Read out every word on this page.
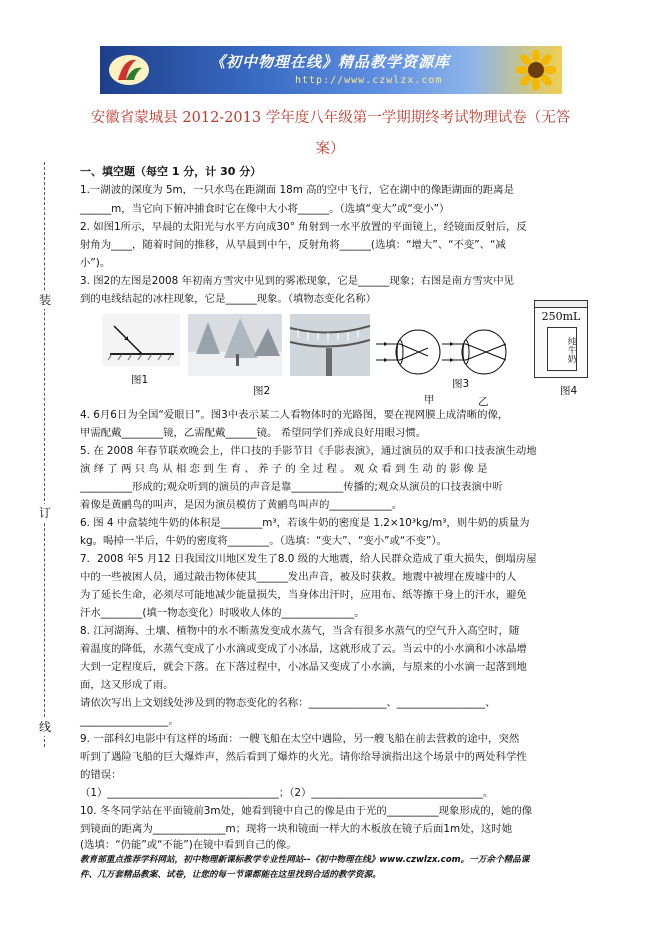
《初中物理在线》精品教学资源库
http://www.czwlzx.com
安徽省蒙城县 2012-2013 学年度八年级第一学期期终考试物理试卷（无答
案）
装
订
线
一、填空题（每空 1 分，计 30 分）
1.一湖波的深度为 5m，一只水鸟在距湖面 18m 高的空中飞行，它在湖中的像距湖面的距离是
______m，当它向下俯冲捕食时它在像中大小将______。（选填“变大”或“变小”）
2. 如图1所示，早晨的太阳光与水平方向成30° 角射到一水平放置的平面镜上，经镜面反射后，反
射角为____，随着时间的推移，从早晨到中午，反射角将______(选填：“增大”、“不变”、“减
小”)。
3. 图2的左图是2008 年初南方雪灾中见到的雾凇现象，它是______现象；右图是南方雪灾中见
到的电线结起的冰柱现象，它是______现象。（填物态变化名称）
图1
图2
图3
甲	乙
250mL
纯牛奶
图4
4. 6月6日为全国“爱眼日”。图3中表示某二人看物体时的光路图，要在视网膜上成清晰的像，
甲需配戴________镜，乙需配戴______镜。 希望同学们养成良好用眼习惯。
5. 在 2008 年春节联欢晚会上，伴口技的手影节目《手影表演》，通过演员的双手和口技表演生动地
演 绎 了 两 只 鸟 从 相 恋 到 生 育 、 养 子 的 全 过 程 。 观 众 看 到 生 动 的 影 像 是
__________形成的;观众听到的演员的声音是靠__________传播的;观众从演员的口技表演中听
着像是黄鹂鸟的叫声，是因为演员模仿了黄鹂鸟叫声的____________。
6. 图 4 中盒装纯牛奶的体积是________m³，若该牛奶的密度是 1.2×10³kg/m³，则牛奶的质量为
kg。喝掉一半后，牛奶的密度将________。（选填：“变大”、“变小”或“不变”）。
7．2008 年5 月12 日我国汶川地区发生了8.0 级的大地震，给人民群众造成了重大损失，倒塌房屋
中的一些被困人员，通过敲击物体使其______发出声音，被及时获救。地震中被埋在废墟中的人
为了延长生命，必须尽可能地减少能量损失，当身体出汗时，应用布、纸等擦干身上的汗水，避免
汗水________(填一物态变化）时吸收人体的______________。
8. 江河湖海、土壤、植物中的水不断蒸发变成水蒸气，当含有很多水蒸气的空气升入高空时，随
着温度的降低，水蒸气变成了小水滴或变成了小冰晶，这就形成了云。当云中的小水滴和小冰晶增
大到一定程度后，就会下落。在下落过程中，小冰晶又变成了小水滴，与原来的小水滴一起落到地
面，这又形成了雨。
请依次写出上文划线处涉及到的物态变化的名称：_______________、_________________、
_________________。
9. 一部科幻电影中有这样的场面：一艘飞船在太空中遇险，另一艘飞船在前去营救的途中，突然
听到了遇险飞船的巨大爆炸声，然后看到了爆炸的火光。请你给导演指出这个场景中的两处科学性
的错误：
（1）_________________________________；（2）_________________________________。
10. 冬冬同学站在平面镜前3m处，她看到镜中自己的像是由于光的__________现象形成的，她的像
到镜面的距离为______________m；现将一块和镜面一样大的木板放在镜子后面1m处，这时她
(选填：“仍能”或“不能”)在镜中看到自己的像。
教育部重点推荐学科网站，初中物理新课标教学专业性网站--《初中物理在线》www.czwlzx.com。一万余个精品课
件、几万套精品教案、试卷，让您的每一节课都能在这里找到合适的教学资源。
